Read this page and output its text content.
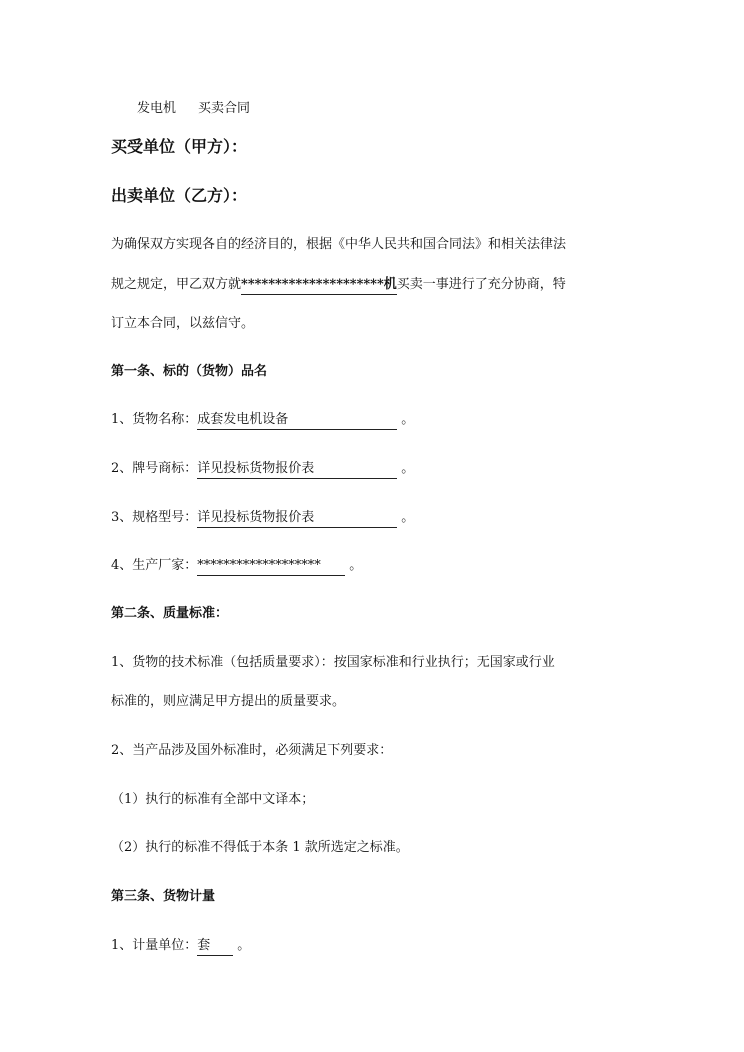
发电机 买卖合同
买受单位（甲方）：
出卖单位（乙方）：
为确保双方实现各自的经济目的，根据《中华人民共和国合同法》和相关法律法
规之规定，甲乙双方就*********************机买卖一事进行了充分协商，特
订立本合同，以兹信守。
第一条、标的（货物）品名
1、货物名称：成套发电机设备	。
2、牌号商标：详见投标货物报价表	。
3、规格型号：详见投标货物报价表	。
4、生产厂家：******************* 。
第二条、质量标准：
1、货物的技术标准（包括质量要求）：按国家标准和行业执行；无国家或行业
标准的，则应满足甲方提出的质量要求。
2、当产品涉及国外标准时，必须满足下列要求：
（1）执行的标准有全部中文译本；
（2）执行的标准不得低于本条 1 款所选定之标准。
第三条、货物计量
1、计量单位：套 。
